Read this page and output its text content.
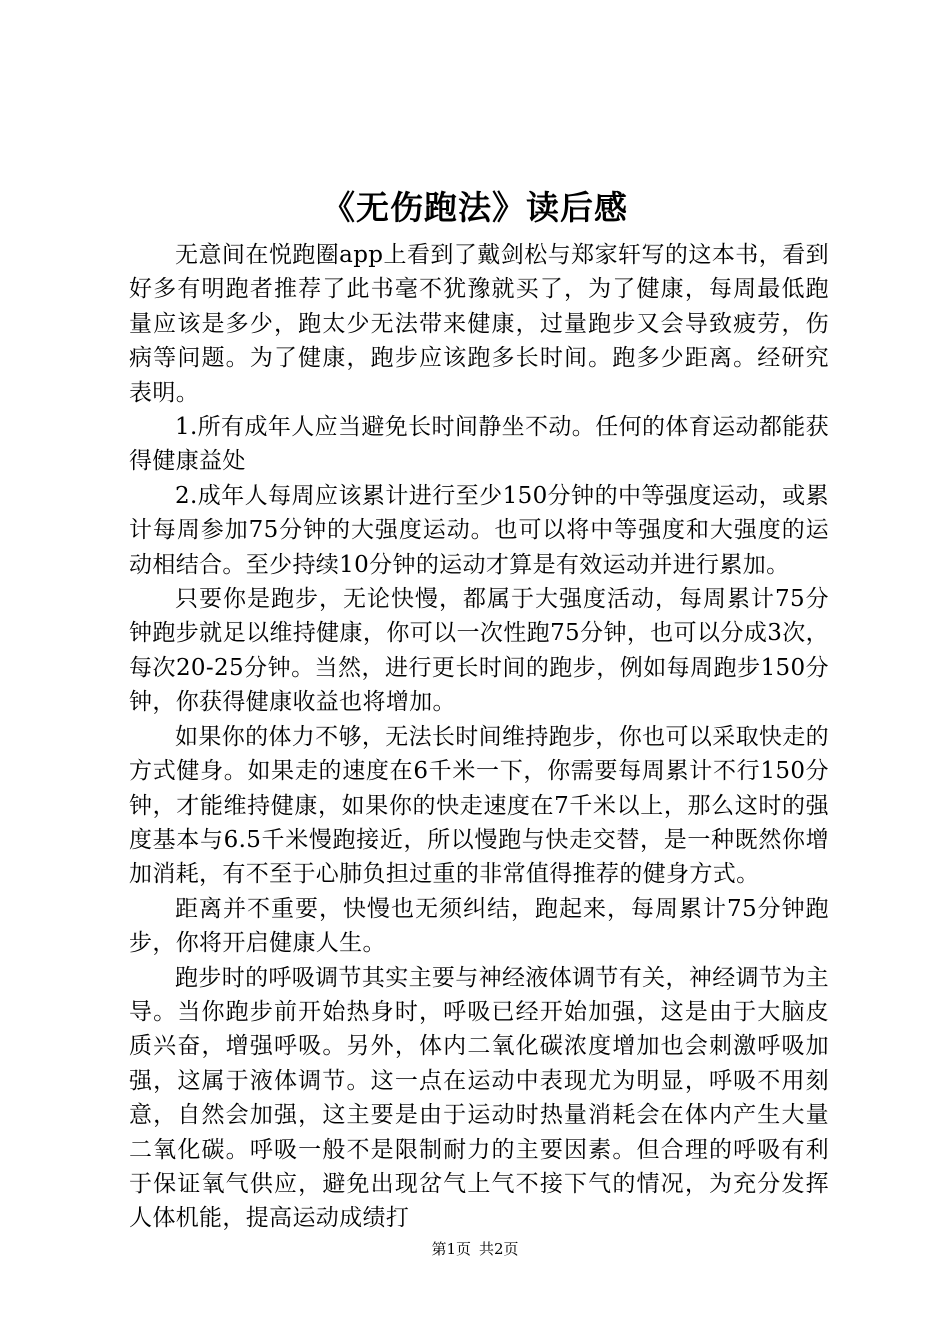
《无伤跑法》读后感

无意间在悦跑圈app上看到了戴剑松与郑家轩写的这本书，看到好多有明跑者推荐了此书毫不犹豫就买了，为了健康，每周最低跑量应该是多少，跑太少无法带来健康，过量跑步又会导致疲劳，伤病等问题。为了健康，跑步应该跑多长时间。跑多少距离。经研究表明。

1.所有成年人应当避免长时间静坐不动。任何的体育运动都能获得健康益处

2.成年人每周应该累计进行至少150分钟的中等强度运动，或累计每周参加75分钟的大强度运动。也可以将中等强度和大强度的运动相结合。至少持续10分钟的运动才算是有效运动并进行累加。

只要你是跑步，无论快慢，都属于大强度活动，每周累计75分钟跑步就足以维持健康，你可以一次性跑75分钟，也可以分成3次，每次20-25分钟。当然，进行更长时间的跑步，例如每周跑步150分钟，你获得健康收益也将增加。

如果你的体力不够，无法长时间维持跑步，你也可以采取快走的方式健身。如果走的速度在6千米一下，你需要每周累计不行150分钟，才能维持健康，如果你的快走速度在7千米以上，那么这时的强度基本与6.5千米慢跑接近，所以慢跑与快走交替，是一种既然你增加消耗，有不至于心肺负担过重的非常值得推荐的健身方式。

距离并不重要，快慢也无须纠结，跑起来，每周累计75分钟跑步，你将开启健康人生。

跑步时的呼吸调节其实主要与神经液体调节有关，神经调节为主导。当你跑步前开始热身时，呼吸已经开始加强，这是由于大脑皮质兴奋，增强呼吸。另外，体内二氧化碳浓度增加也会刺激呼吸加强，这属于液体调节。这一点在运动中表现尤为明显，呼吸不用刻意，自然会加强，这主要是由于运动时热量消耗会在体内产生大量二氧化碳。呼吸一般不是限制耐力的主要因素。但合理的呼吸有利于保证氧气供应，避免出现岔气上气不接下气的情况，为充分发挥人体机能，提高运动成绩打

第1页 共2页
